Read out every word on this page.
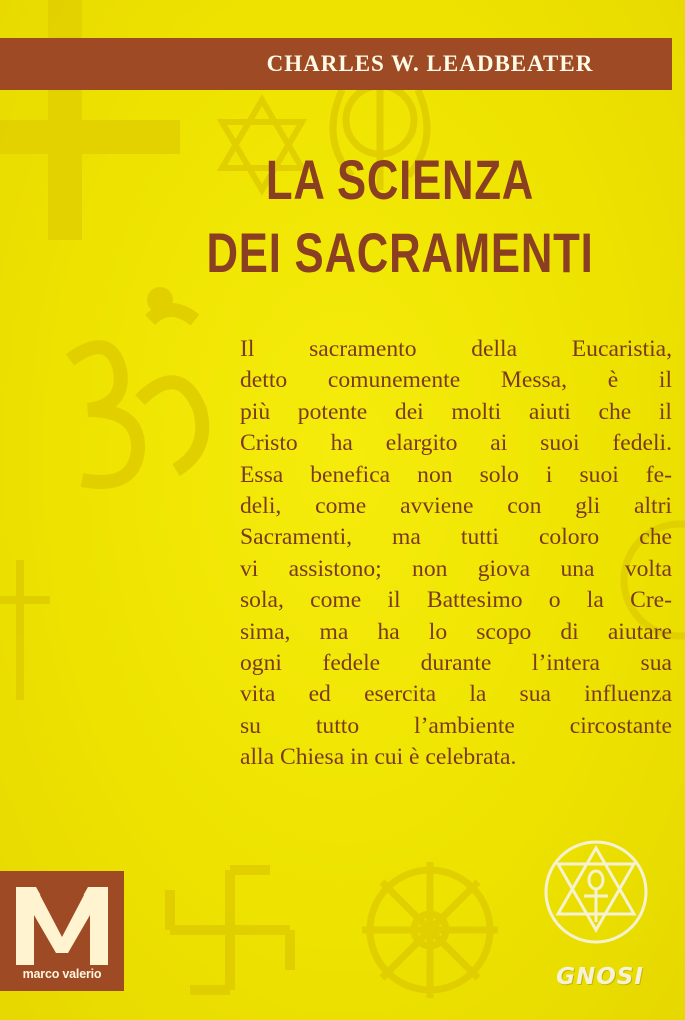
CHARLES W. LEADBEATER
LA SCIENZA
DEI SACRAMENTI
Il sacramento della Eucaristia,
detto comunemente Messa, è il
più potente dei molti aiuti che il
Cristo ha elargito ai suoi fedeli.
Essa benefica non solo i suoi fe-
deli, come avviene con gli altri
Sacramenti, ma tutti coloro che
vi assistono; non giova una volta
sola, come il Battesimo o la Cre-
sima, ma ha lo scopo di aiutare
ogni fedele durante l’intera sua
vita ed esercita la sua influenza
su tutto l’ambiente circostante
alla Chiesa in cui è celebrata.
marco valerio	GNOSI
